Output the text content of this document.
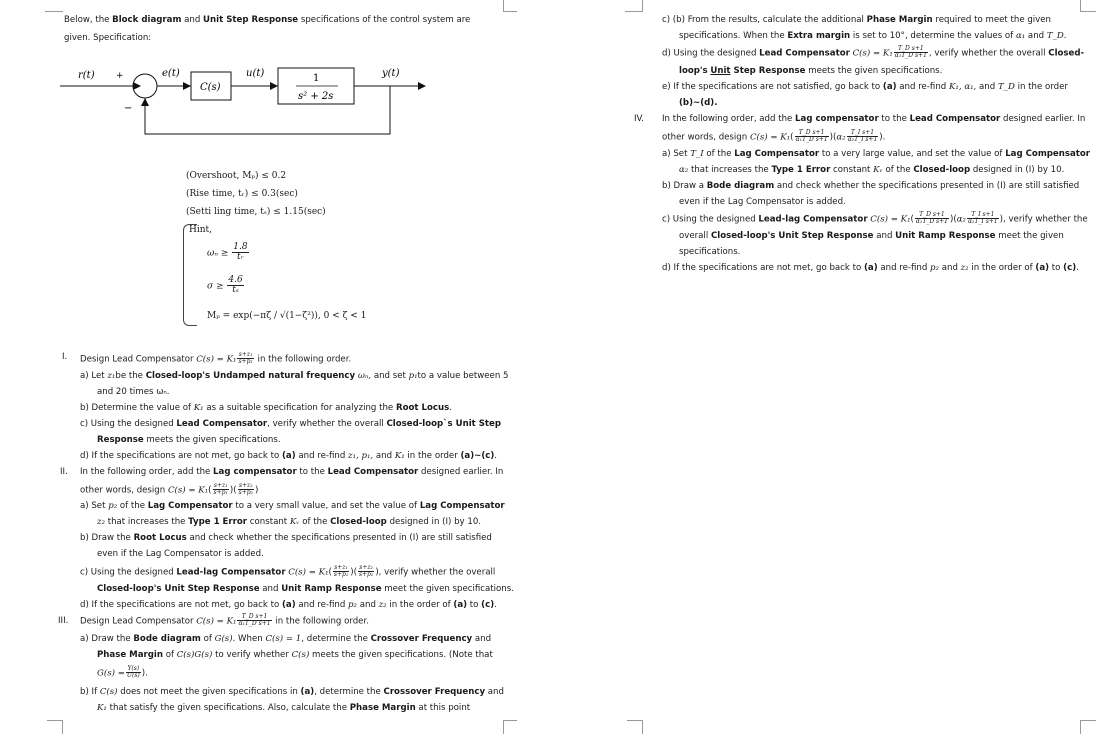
Below, the Block diagram and Unit Step Response specifications of the control system are
given. Specification:
r(t) +
−
e(t)
C(s)
u(t)	1
s² + 2s
y(t)
(Overshoot, Mₚ) ≤ 0.2
(Rise time, tᵣ) ≤ 0.3(sec)
(Setti ling time, tₛ) ≤ 1.15(sec)
Hint,
$\omega_n \ge \frac{1.8}{\text{tᵣ}}$
$\sigma \ge \frac{4.6}{\text{tₛ}}$
Mₚ = exp(−πζ / √(1−ζ²)), 0 < ζ < 1
I. Design Lead Compensator $C(s) = K_1 \frac{\text{s+z₁}}{\text{s+p₁}}$ in the following order.
a) Let z₁be the Closed-loop's Undamped natural frequency ωₙ, and set p₁to a value between 5
and 20 times ωₙ.
b) Determine the value of K₁ as a suitable specification for analyzing the Root Locus.
c) Using the designed Lead Compensator, verify whether the overall Closed-loop`s Unit Step
Response meets the given specifications.
d) If the specifications are not met, go back to (a) and re-find z₁, p₁, and K₁ in the order (a)~(c).
II. In the following order, add the Lag compensator to the Lead Compensator designed earlier. In
other words, design $C(s) = K_1( \frac{\text{s+z₁}}{\text{s+p₁}}$ )( $\frac{\text{s+z₂}}{\text{s+p₂}}$ )
a) Set p₂ of the Lag Compensator to a very small value, and set the value of Lag Compensator
z₂ that increases the Type 1 Error constant Kᵥ of the Closed-loop designed in (I) by 10.
b) Draw the Root Locus and check whether the specifications presented in (I) are still satisfied
even if the Lag Compensator is added.
c) Using the designed Lead-lag Compensator $C(s) = K_1( \frac{\text{s+z₁}}{\text{s+p₁}}$ )( $\frac{\text{s+z₂}}{\text{s+p₂}}$ ), verify whether the overall
Closed-loop's Unit Step Response and Unit Ramp Response meet the given specifications.
d) If the specifications are not met, go back to (a) and re-find p₂ and z₂ in the order of (a) to (c).
III. Design Lead Compensator $C(s) = K_1 \frac{\text{T\_D s+1}}{\text{α₁T\_D s+1}}$ in the following order.
a) Draw the Bode diagram of G(s). When C(s) = 1, determine the Crossover Frequency and
Phase Margin of C(s)G(s) to verify whether C(s) meets the given specifications. (Note that
$G(s) = \frac{Y(s)}{U(s)}$ ).
b) If C(s) does not meet the given specifications in (a), determine the Crossover Frequency and
K₁ that satisfy the given specifications. Also, calculate the Phase Margin at this point
c) (b) From the results, calculate the additional Phase Margin required to meet the given
specifications. When the Extra margin is set to 10°, determine the values of α₁ and T_D.
d) Using the designed Lead Compensator $C(s) = K_1 \frac{\text{T\_D s+1}}{\text{α₁T\_D s+1}}$ , verify whether the overall Closed-
loop's Unit Step Response meets the given specifications.
e) If the specifications are not satisfied, go back to (a) and re-find K₁, α₁, and T_D in the order
(b)~(d).
IV. In the following order, add the Lag compensator to the Lead Compensator designed earlier. In
other words, design $C(s) = K_1( \frac{\text{T\_D s+1}}{\text{α₁T\_D s+1}} )(\alpha_2 \frac{\text{T\_I s+1}}{\text{α₂T\_I s+1}}$ ).
a) Set T_I of the Lag Compensator to a very large value, and set the value of Lag Compensator
α₂ that increases the Type 1 Error constant Kᵥ of the Closed-loop designed in (I) by 10.
b) Draw a Bode diagram and check whether the specifications presented in (I) are still satisfied
even if the Lag Compensator is added.
c) Using the designed Lead-lag Compensator $C(s) = K_1( \frac{\text{T\_D s+1}}{\text{α₁T\_D s+1}} )(\alpha_2 \frac{\text{T\_I s+1}}{\text{α₂T\_I s+1}}$ ), verify whether the
overall Closed-loop's Unit Step Response and Unit Ramp Response meet the given
specifications.
d) If the specifications are not met, go back to (a) and re-find p₂ and z₂ in the order of (a) to (c).
